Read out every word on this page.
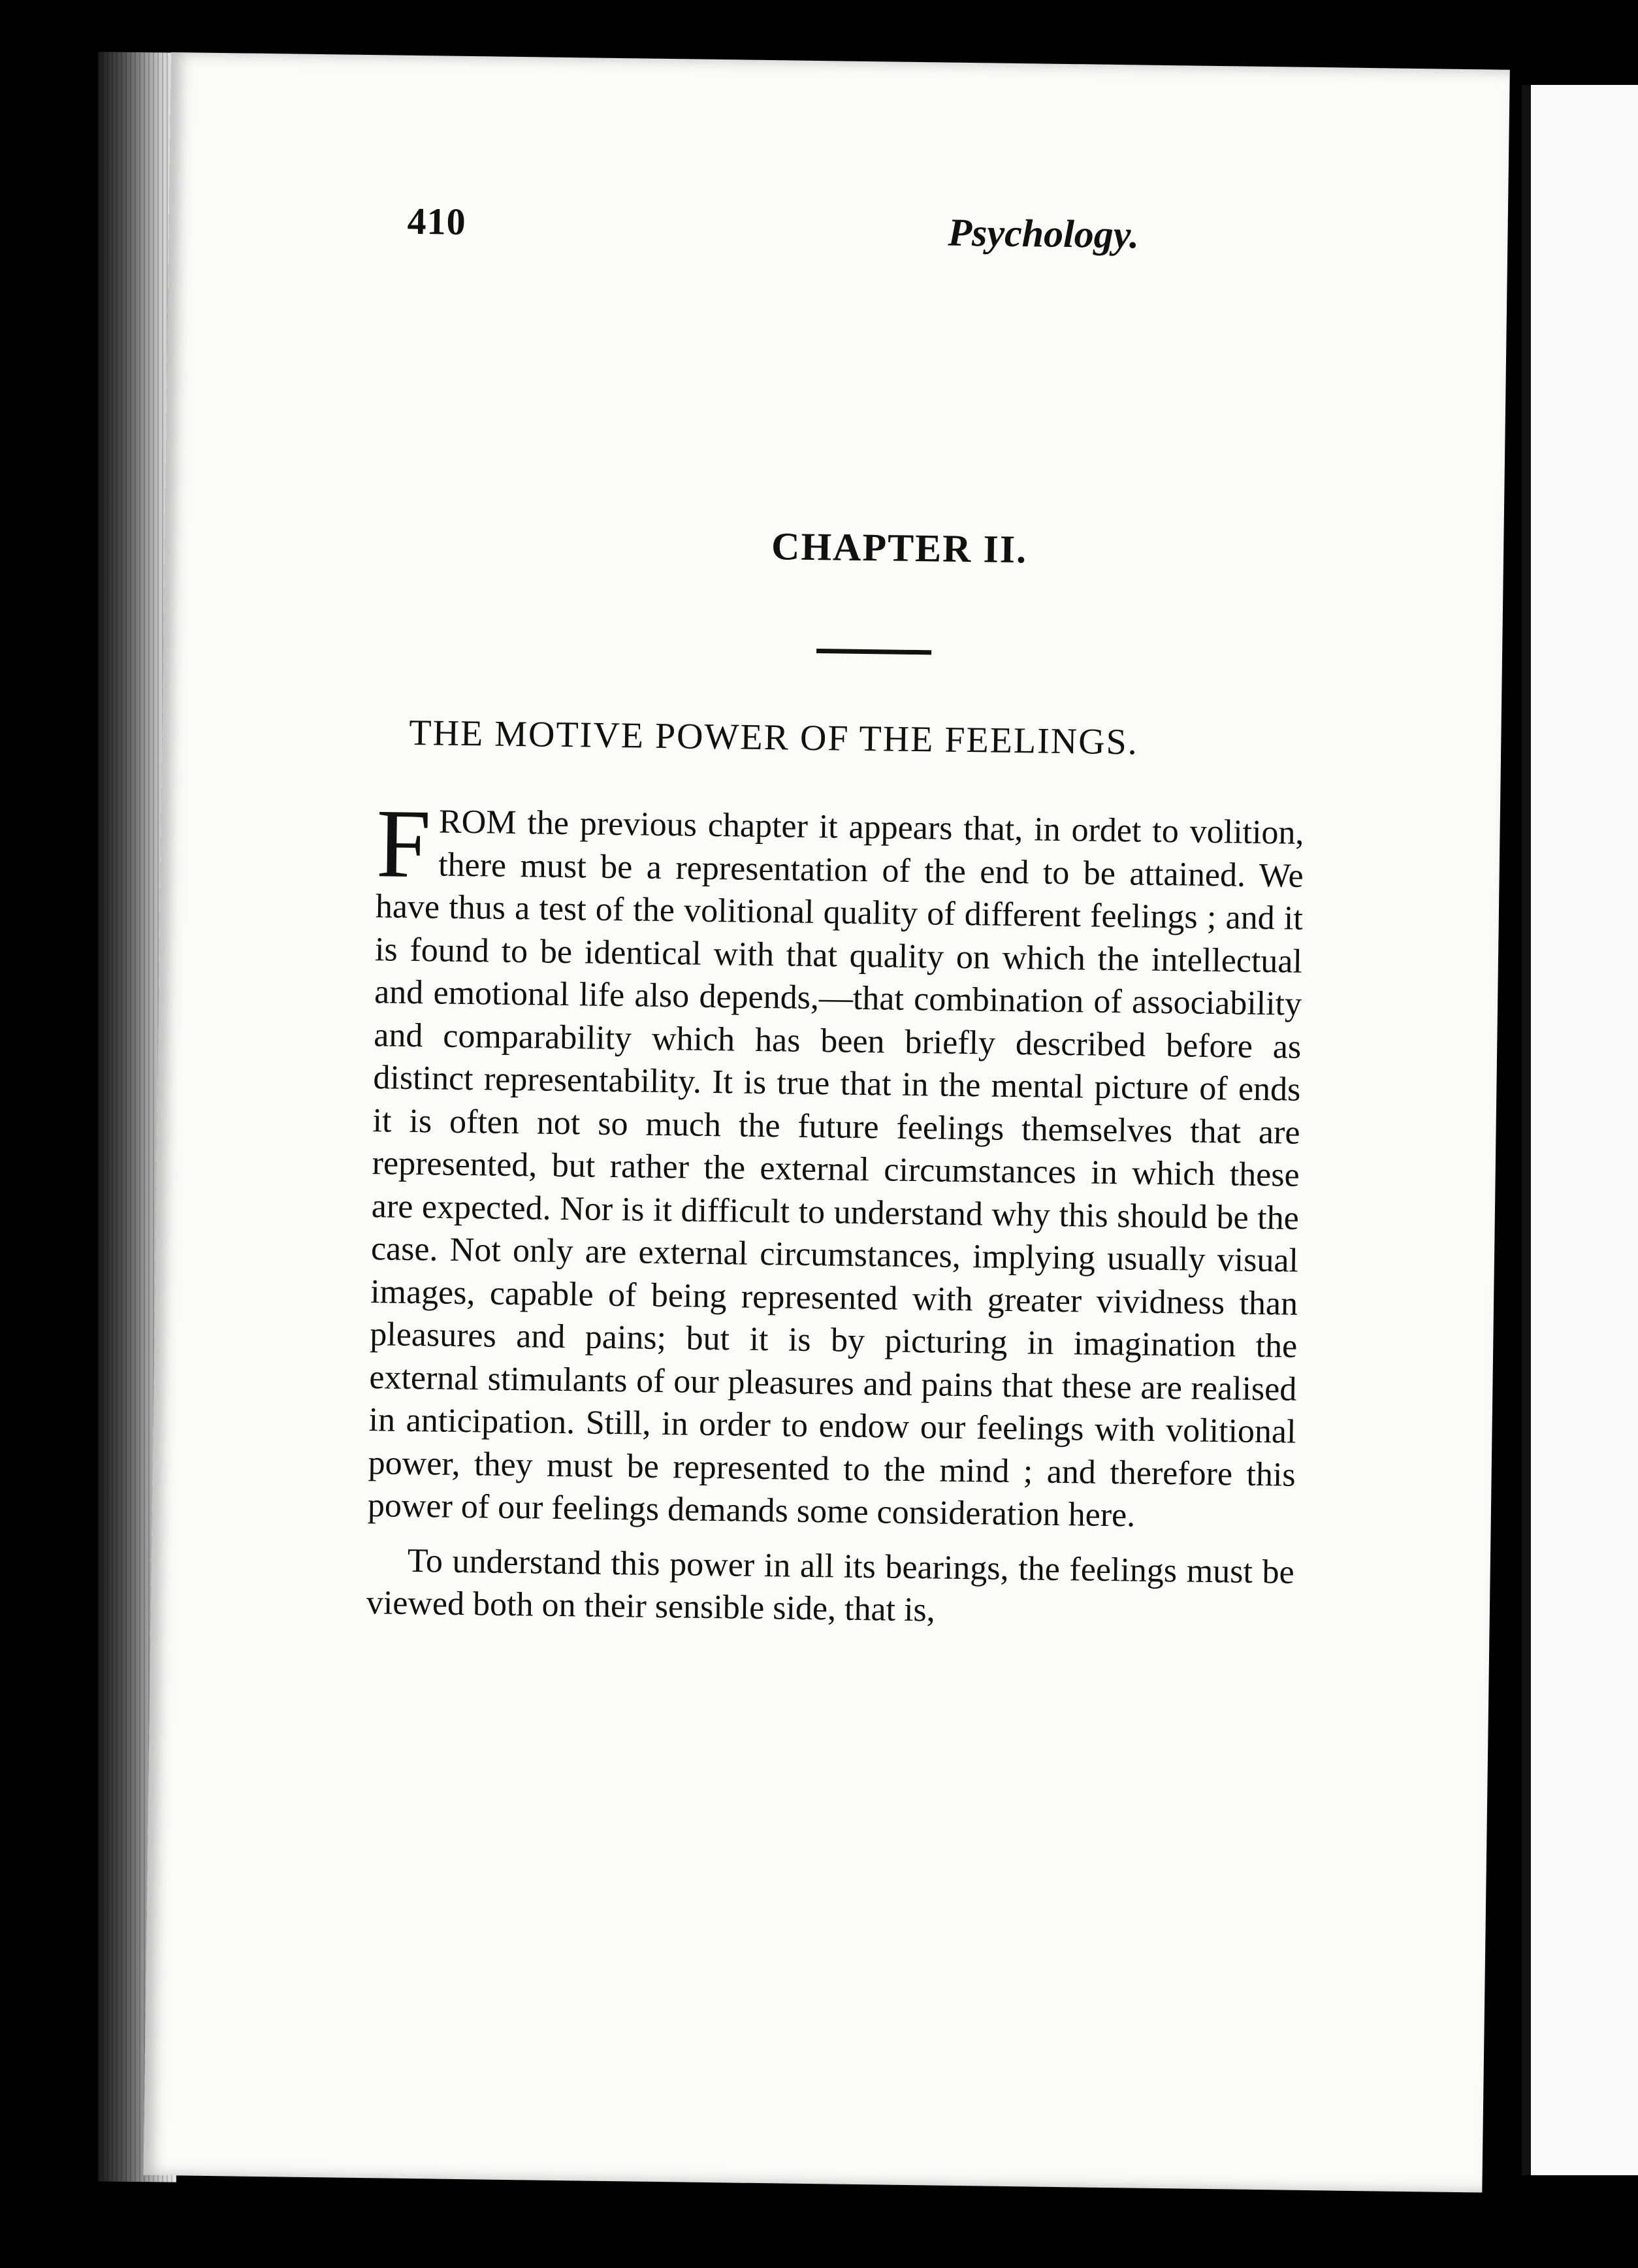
410	Psychology.
CHAPTER II.
THE MOTIVE POWER OF THE FEELINGS.

FROM the previous chapter it appears that, in ordet to volition, there must be a representation of the end to be attained. We have thus a test of the volitional quality of different feelings ; and it is found to be identical with that quality on which the intellectual and emotional life also depends,—that combination of associability and comparability which has been briefly described before as distinct representability. It is true that in the mental picture of ends it is often not so much the future feelings themselves that are represented, but rather the external circumstances in which these are expected. Nor is it difficult to understand why this should be the case. Not only are external circumstances, implying usually visual images, capable of being represented with greater vividness than pleasures and pains; but it is by picturing in imagination the external stimulants of our pleasures and pains that these are realised in anticipation. Still, in order to endow our feelings with volitional power, they must be represented to the mind ; and therefore this power of our feelings demands some consideration here.

To understand this power in all its bearings, the feelings must be viewed both on their sensible side, that is,
